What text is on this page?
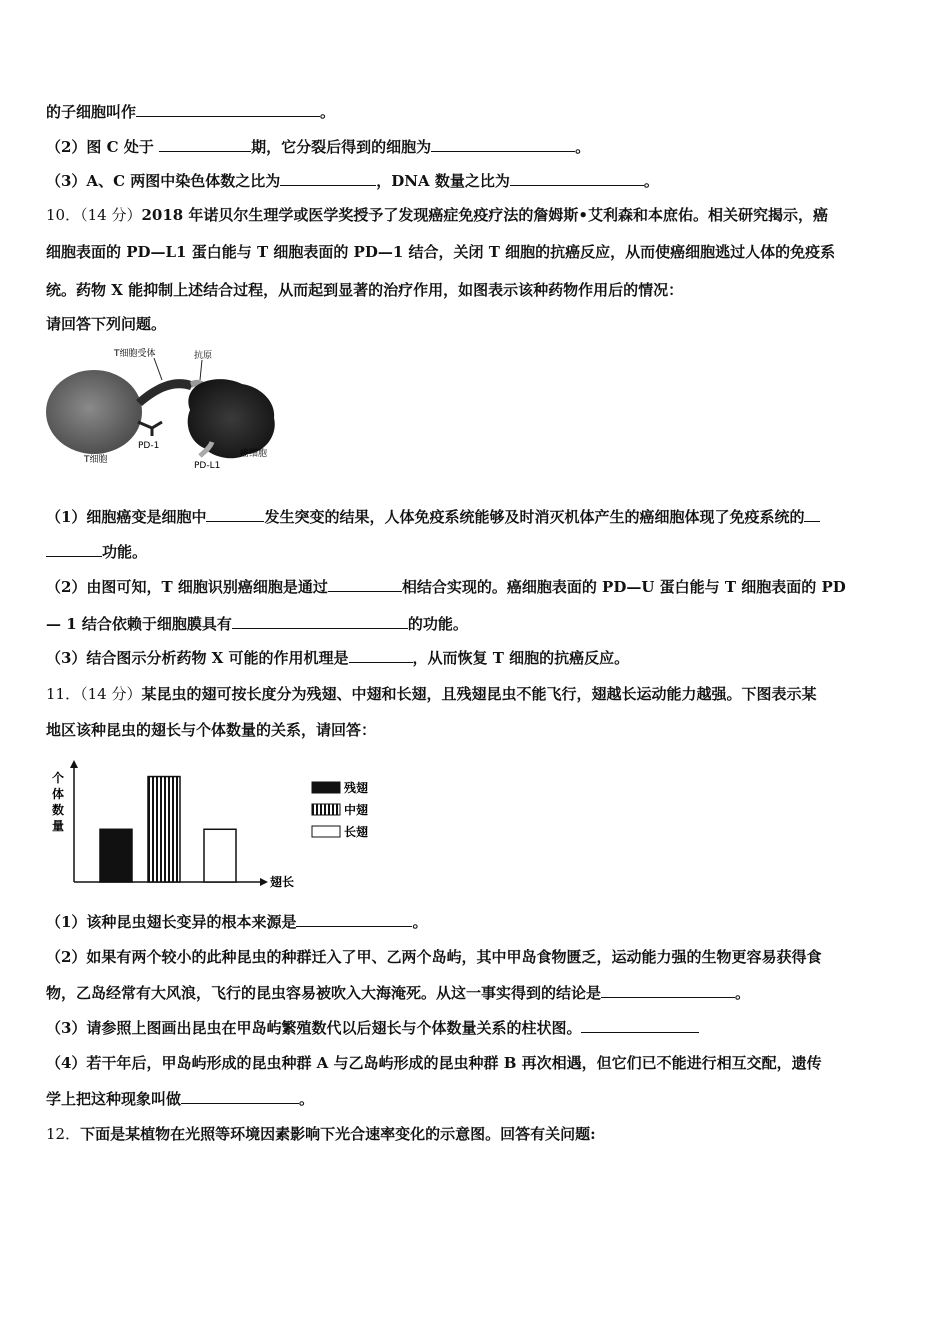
的子细胞叫作	。
（2）图 C 处于	期，它分裂后得到的细胞为	。
（3）A、C 两图中染色体数之比为	，DNA 数量之比为	。
10．（14 分）2018 年诺贝尔生理学或医学奖授予了发现癌症免疫疗法的詹姆斯•艾利森和本庶佑。相关研究揭示，癌
细胞表面的 PD—L1 蛋白能与 T 细胞表面的 PD—1 结合，关闭 T 细胞的抗癌反应，从而使癌细胞逃过人体的免疫系
统。药物 X 能抑制上述结合过程，从而起到显著的治疗作用，如图表示该种药物作用后的情况：
请回答下列问题。
T细胞受体	抗原
PD-1
T细胞
PD-L1
癌细胞
（1）细胞癌变是细胞中	发生突变的结果，人体免疫系统能够及时消灭机体产生的癌细胞体现了免疫系统的
功能。
（2）由图可知，T 细胞识别癌细胞是通过	相结合实现的。癌细胞表面的 PD—U 蛋白能与 T 细胞表面的 PD
— 1 结合依赖于细胞膜具有	的功能。
（3）结合图示分析药物 X 可能的作用机理是	，从而恢复 T 细胞的抗癌反应。
11．（14 分）某昆虫的翅可按长度分为残翅、中翅和长翅，且残翅昆虫不能飞行，翅越长运动能力越强。下图表示某
地区该种昆虫的翅长与个体数量的关系，请回答：
个
体
数
量
翅长
残翅
中翅
长翅
（1）该种昆虫翅长变异的根本来源是	。
（2）如果有两个较小的此种昆虫的种群迁入了甲、乙两个岛屿，其中甲岛食物匮乏，运动能力强的生物更容易获得食
物，乙岛经常有大风浪，飞行的昆虫容易被吹入大海淹死。从这一事实得到的结论是	。
（3）请参照上图画出昆虫在甲岛屿繁殖数代以后翅长与个体数量关系的柱状图。
（4）若干年后，甲岛屿形成的昆虫种群 A 与乙岛屿形成的昆虫种群 B 再次相遇，但它们已不能进行相互交配，遗传
学上把这种现象叫做	。
12．下面是某植物在光照等环境因素影响下光合速率变化的示意图。回答有关问题:
